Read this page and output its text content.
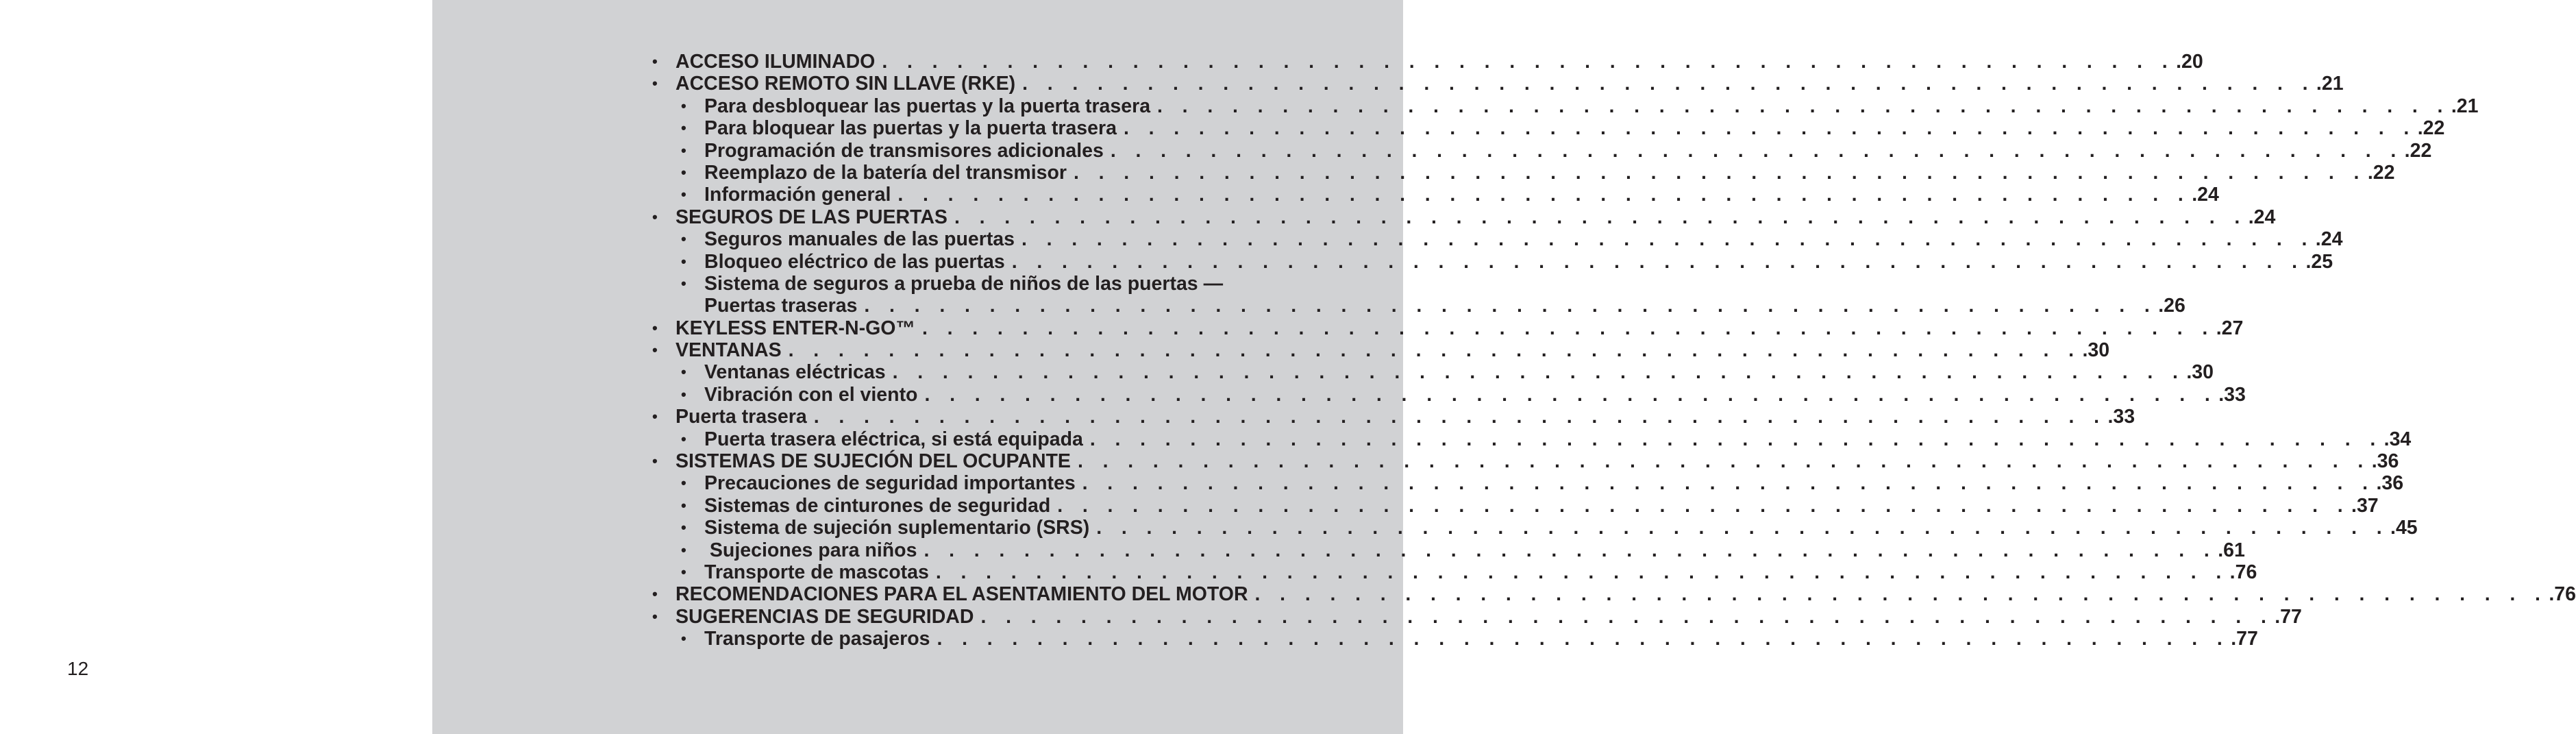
12
• ACCESO ILUMINADO . . . . . . . . . . . . . . . . . . . . . . . . . . . . . . . . . . . . . . . . . . . . . . . . . . . . .20
• ACCESO REMOTO SIN LLAVE (RKE) . . . . . . . . . . . . . . . . . . . . . . . . . . . . . . . . . . . . . . . . . . . . . . . . . . . . .21
• Para desbloquear las puertas y la puerta trasera . . . . . . . . . . . . . . . . . . . . . . . . . . . . . . . . . . . . . . . . . . . . . . . . . . . . .21
• Para bloquear las puertas y la puerta trasera . . . . . . . . . . . . . . . . . . . . . . . . . . . . . . . . . . . . . . . . . . . . . . . . . . . . .22
• Programación de transmisores adicionales . . . . . . . . . . . . . . . . . . . . . . . . . . . . . . . . . . . . . . . . . . . . . . . . . . . . .22
• Reemplazo de la batería del transmisor . . . . . . . . . . . . . . . . . . . . . . . . . . . . . . . . . . . . . . . . . . . . . . . . . . . . .22
• Información general . . . . . . . . . . . . . . . . . . . . . . . . . . . . . . . . . . . . . . . . . . . . . . . . . . . . .24
• SEGUROS DE LAS PUERTAS . . . . . . . . . . . . . . . . . . . . . . . . . . . . . . . . . . . . . . . . . . . . . . . . . . . . .24
• Seguros manuales de las puertas . . . . . . . . . . . . . . . . . . . . . . . . . . . . . . . . . . . . . . . . . . . . . . . . . . . . .24
• Bloqueo eléctrico de las puertas . . . . . . . . . . . . . . . . . . . . . . . . . . . . . . . . . . . . . . . . . . . . . . . . . . . . .25
• Sistema de seguros a prueba de niños de las puertas —
Puertas traseras . . . . . . . . . . . . . . . . . . . . . . . . . . . . . . . . . . . . . . . . . . . . . . . . . . . . .26
• KEYLESS ENTER-N-GO™ . . . . . . . . . . . . . . . . . . . . . . . . . . . . . . . . . . . . . . . . . . . . . . . . . . . . .27
• VENTANAS . . . . . . . . . . . . . . . . . . . . . . . . . . . . . . . . . . . . . . . . . . . . . . . . . . . . .30
• Ventanas eléctricas . . . . . . . . . . . . . . . . . . . . . . . . . . . . . . . . . . . . . . . . . . . . . . . . . . . . .30
• Vibración con el viento . . . . . . . . . . . . . . . . . . . . . . . . . . . . . . . . . . . . . . . . . . . . . . . . . . . . .33
• Puerta trasera . . . . . . . . . . . . . . . . . . . . . . . . . . . . . . . . . . . . . . . . . . . . . . . . . . . . .33
• Puerta trasera eléctrica, si está equipada . . . . . . . . . . . . . . . . . . . . . . . . . . . . . . . . . . . . . . . . . . . . . . . . . . . . .34
• SISTEMAS DE SUJECIÓN DEL OCUPANTE . . . . . . . . . . . . . . . . . . . . . . . . . . . . . . . . . . . . . . . . . . . . . . . . . . . . .36
• Precauciones de seguridad importantes . . . . . . . . . . . . . . . . . . . . . . . . . . . . . . . . . . . . . . . . . . . . . . . . . . . . .36
• Sistemas de cinturones de seguridad . . . . . . . . . . . . . . . . . . . . . . . . . . . . . . . . . . . . . . . . . . . . . . . . . . . . .37
• Sistema de sujeción suplementario (SRS) . . . . . . . . . . . . . . . . . . . . . . . . . . . . . . . . . . . . . . . . . . . . . . . . . . . . .45
• Sujeciones para niños . . . . . . . . . . . . . . . . . . . . . . . . . . . . . . . . . . . . . . . . . . . . . . . . . . . . .61
• Transporte de mascotas . . . . . . . . . . . . . . . . . . . . . . . . . . . . . . . . . . . . . . . . . . . . . . . . . . . . .76
• RECOMENDACIONES PARA EL ASENTAMIENTO DEL MOTOR . . . . . . . . . . . . . . . . . . . . . . . . . . . . . . . . . . . . . . . . . . . . . . . . . . . . .76
• SUGERENCIAS DE SEGURIDAD . . . . . . . . . . . . . . . . . . . . . . . . . . . . . . . . . . . . . . . . . . . . . . . . . . . . .77
• Transporte de pasajeros . . . . . . . . . . . . . . . . . . . . . . . . . . . . . . . . . . . . . . . . . . . . . . . . . . . . .77
